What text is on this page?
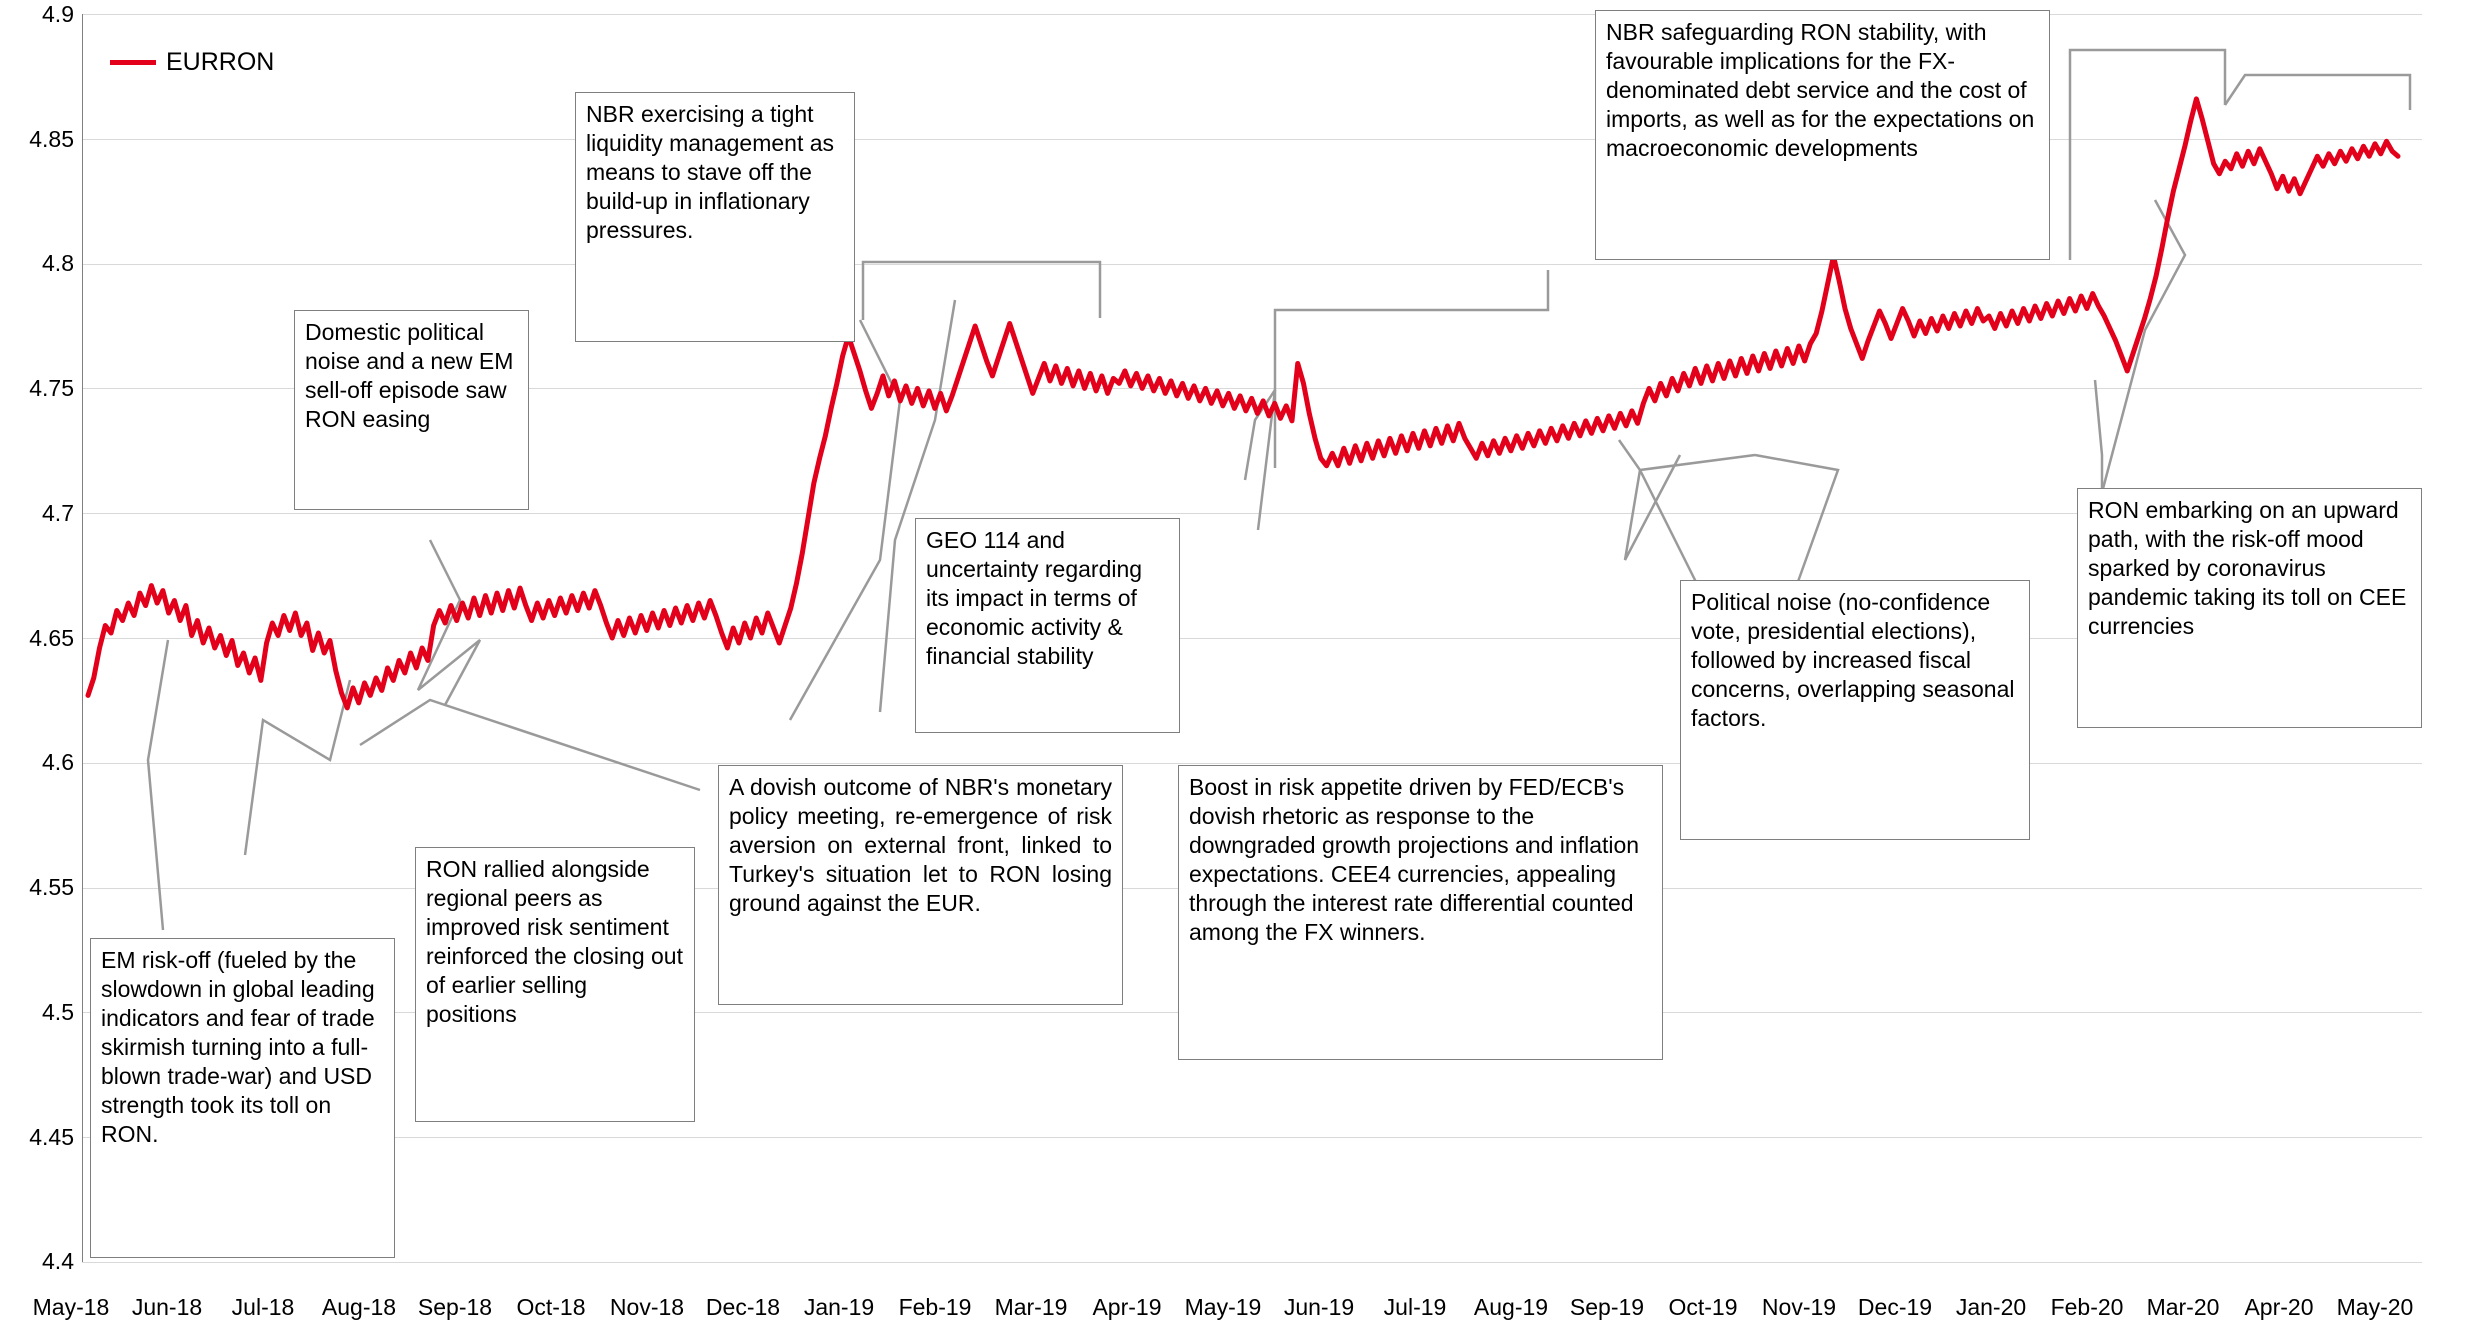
4.9
4.85
4.8
4.75
4.7
4.65
4.6
4.55
4.5
4.45
4.4
May-18 Jun-18	Jul-18	Aug-18 Sep-18	Oct-18	Nov-18 Dec-18	Jan-19	Feb-19	Mar-19	Apr-19	May-19 Jun-19	Jul-19	Aug-19 Sep-19	Oct-19	Nov-19 Dec-19	Jan-20	Feb-20	Mar-20	Apr-20	May-20
EURRON
EM risk-off (fueled by the slowdown in global leading indicators and fear of trade skirmish turning into a full-blown trade-war) and USD strength took its toll on RON.
RON rallied alongside regional peers as improved risk sentiment reinforced the closing out of earlier selling positions
Domestic political noise and a new EM sell-off episode saw RON easing
NBR exercising a tight liquidity management as means to stave off the build-up in inflationary pressures.
A dovish outcome of NBR's monetary policy meeting, re-emergence of risk aversion on external front, linked to Turkey's situation let to RON losing ground against the EUR.
GEO 114 and uncertainty regarding its impact in terms of economic activity & financial stability
Boost in risk appetite driven by FED/ECB's dovish rhetoric as response to the downgraded growth projections and inflation expectations. CEE4 currencies, appealing through the interest rate differential counted among the FX winners.
Political noise (no-confidence vote, presidential elections), followed by increased fiscal concerns, overlapping seasonal factors.
NBR safeguarding RON stability, with favourable implications for the FX-denominated debt service and the cost of imports, as well as for the expectations on macroeconomic developments
RON embarking on an upward path, with the risk-off mood sparked by coronavirus pandemic taking its toll on CEE currencies
